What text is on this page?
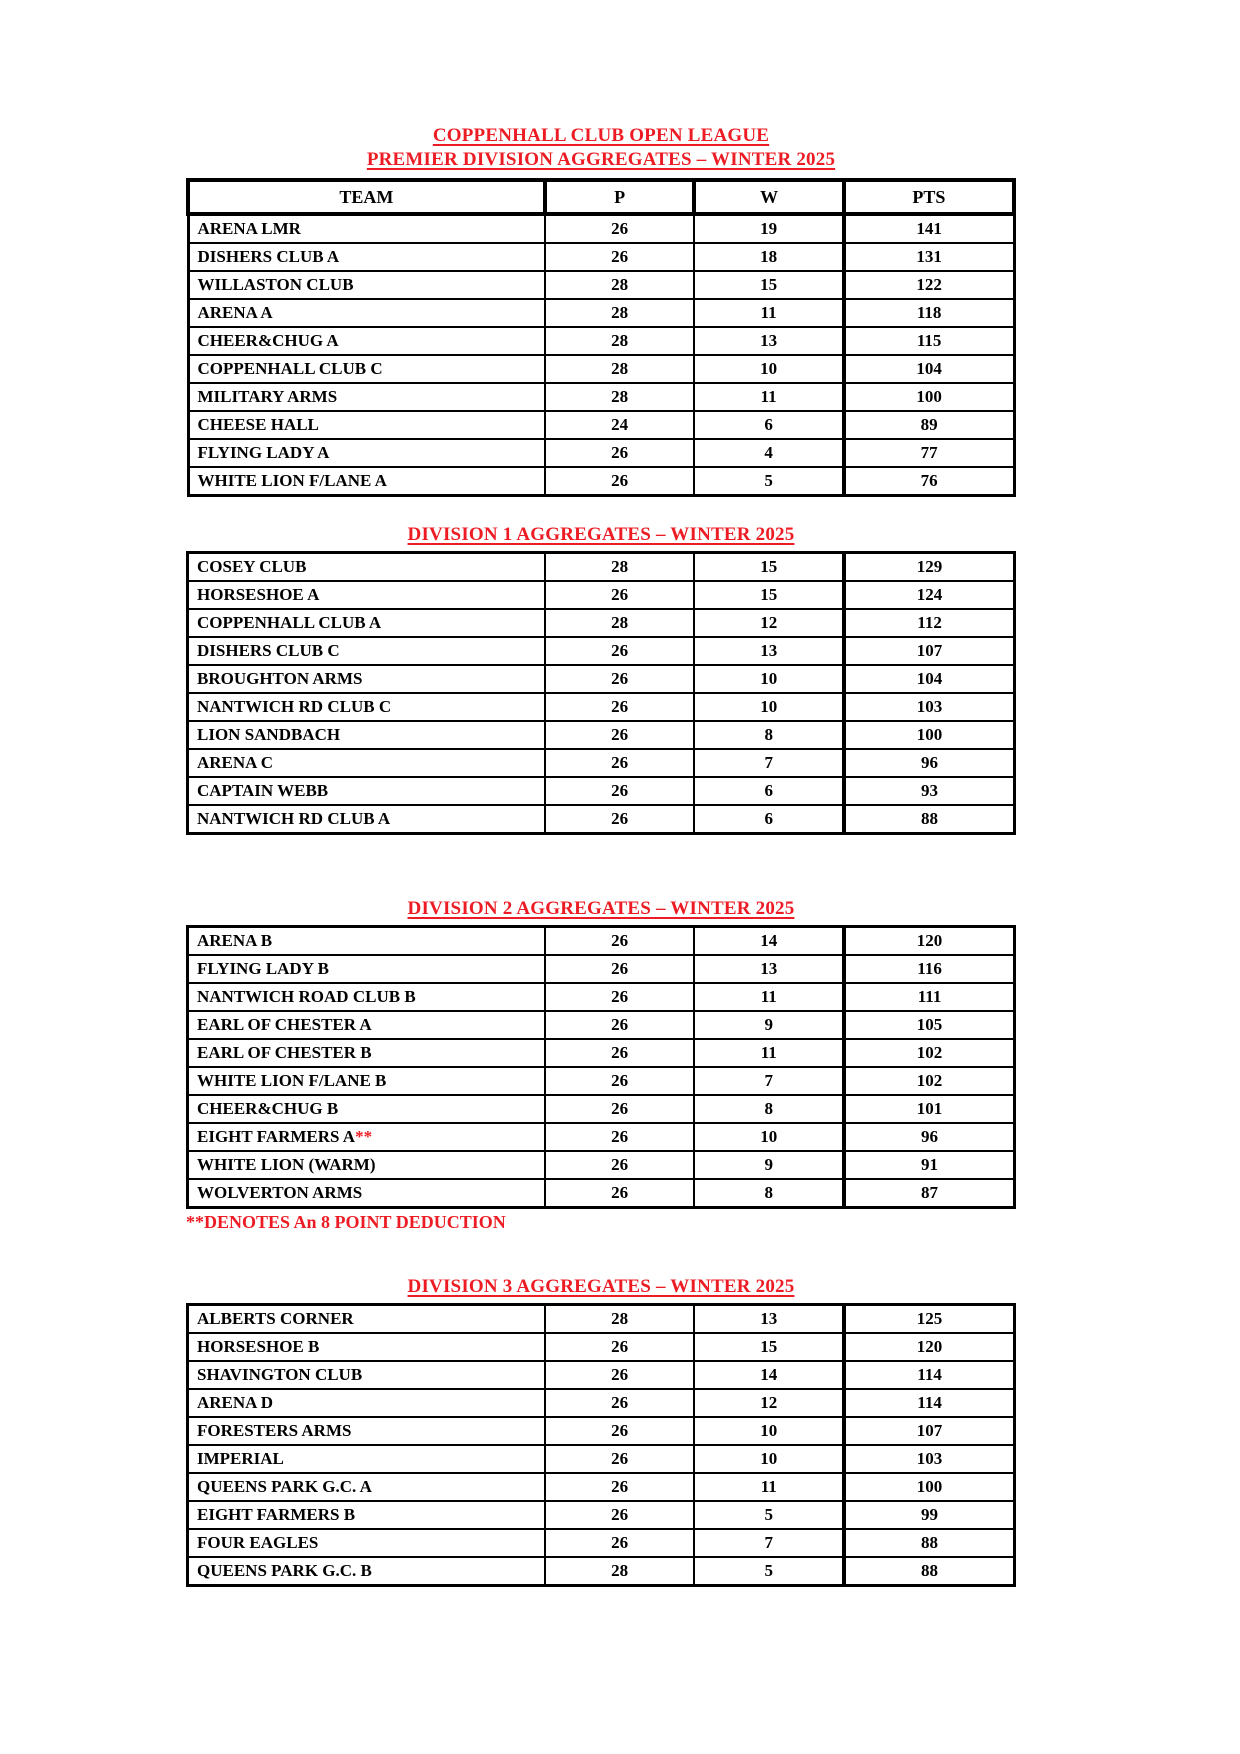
COPPENHALL CLUB OPEN LEAGUE
PREMIER DIVISION AGGREGATES – WINTER 2025
TEAM	P	W	PTS
ARENA LMR	26	19	141
DISHERS CLUB A	26	18	131
WILLASTON CLUB	28	15	122
ARENA A	28	11	118
CHEER&CHUG A	28	13	115
COPPENHALL CLUB C	28	10	104
MILITARY ARMS	28	11	100
CHEESE HALL	24	6	89
FLYING LADY A	26	4	77
WHITE LION F/LANE A	26	5	76
DIVISION 1 AGGREGATES – WINTER 2025
COSEY CLUB	28	15	129
HORSESHOE A	26	15	124
COPPENHALL CLUB A	28	12	112
DISHERS CLUB C	26	13	107
BROUGHTON ARMS	26	10	104
NANTWICH RD CLUB C	26	10	103
LION SANDBACH	26	8	100
ARENA C	26	7	96
CAPTAIN WEBB	26	6	93
NANTWICH RD CLUB A	26	6	88
DIVISION 2 AGGREGATES – WINTER 2025
ARENA B	26	14	120
FLYING LADY B	26	13	116
NANTWICH ROAD CLUB B	26	11	111
EARL OF CHESTER A	26	9	105
EARL OF CHESTER B	26	11	102
WHITE LION F/LANE B	26	7	102
CHEER&CHUG B	26	8	101
EIGHT FARMERS A**	26	10	96
WHITE LION (WARM)	26	9	91
WOLVERTON ARMS	26	8	87
**DENOTES An 8 POINT DEDUCTION
DIVISION 3 AGGREGATES – WINTER 2025
ALBERTS CORNER	28	13	125
HORSESHOE B	26	15	120
SHAVINGTON CLUB	26	14	114
ARENA D	26	12	114
FORESTERS ARMS	26	10	107
IMPERIAL	26	10	103
QUEENS PARK G.C. A	26	11	100
EIGHT FARMERS B	26	5	99
FOUR EAGLES	26	7	88
QUEENS PARK G.C. B	28	5	88
